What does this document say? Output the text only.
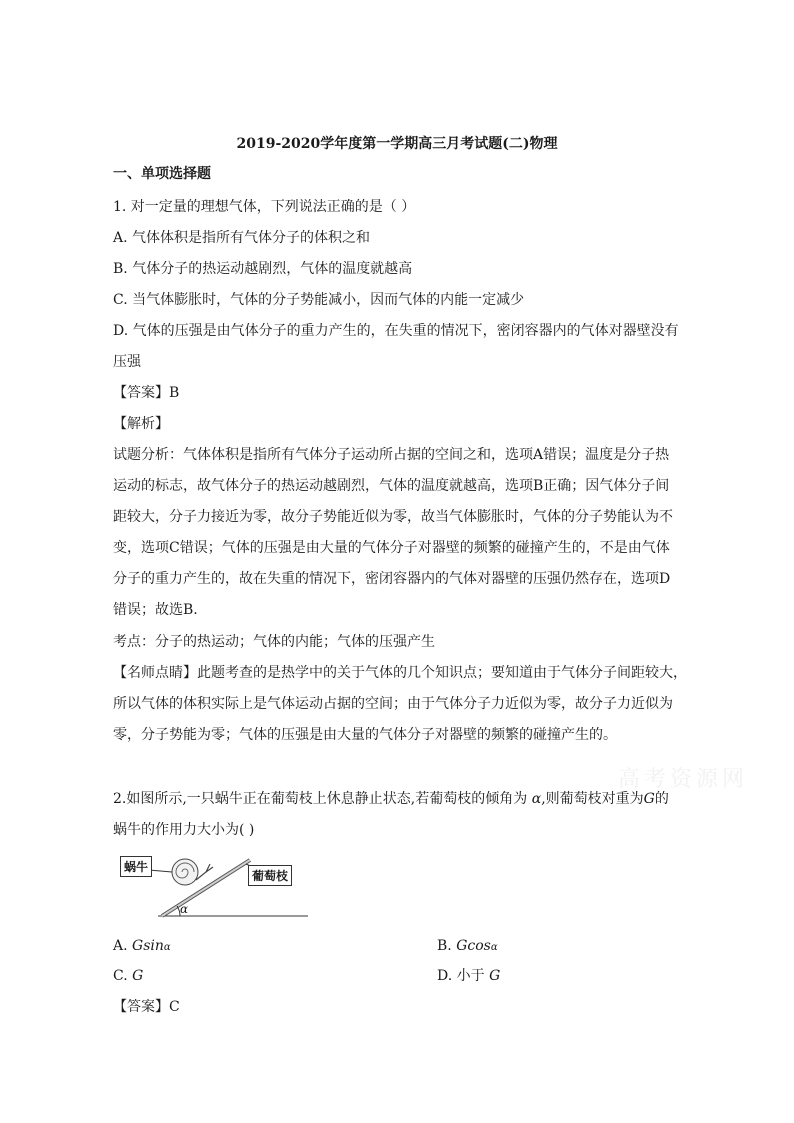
2019-2020学年度第一学期高三月考试题(二)物理
一、单项选择题
1. 对一定量的理想气体，下列说法正确的是（ ）
A. 气体体积是指所有气体分子的体积之和
B. 气体分子的热运动越剧烈，气体的温度就越高
C. 当气体膨胀时，气体的分子势能减小，因而气体的内能一定减少
D. 气体的压强是由气体分子的重力产生的，在失重的情况下，密闭容器内的气体对器壁没有
压强
【答案】B
【解析】
试题分析：气体体积是指所有气体分子运动所占据的空间之和，选项A错误；温度是分子热
运动的标志，故气体分子的热运动越剧烈，气体的温度就越高，选项B正确；因气体分子间
距较大，分子力接近为零，故分子势能近似为零，故当气体膨胀时，气体的分子势能认为不
变，选项C错误；气体的压强是由大量的气体分子对器壁的频繁的碰撞产生的，不是由气体
分子的重力产生的，故在失重的情况下，密闭容器内的气体对器壁的压强仍然存在，选项D
错误；故选B.
考点：分子的热运动；气体的内能；气体的压强产生
【名师点睛】此题考查的是热学中的关于气体的几个知识点；要知道由于气体分子间距较大，
所以气体的体积实际上是气体运动占据的空间；由于气体分子力近似为零，故分子力近似为
零，分子势能为零；气体的压强是由大量的气体分子对器壁的频繁的碰撞产生的。
高考资源网
2.如图所示,一只蜗牛正在葡萄枝上休息静止状态,若葡萄枝的倾角为 α,则葡萄枝对重为G的
蜗牛的作用力大小为( )
蜗牛
葡萄枝
α
A. Gsinα	B. Gcosα
C. G	D. 小于 G
【答案】C
